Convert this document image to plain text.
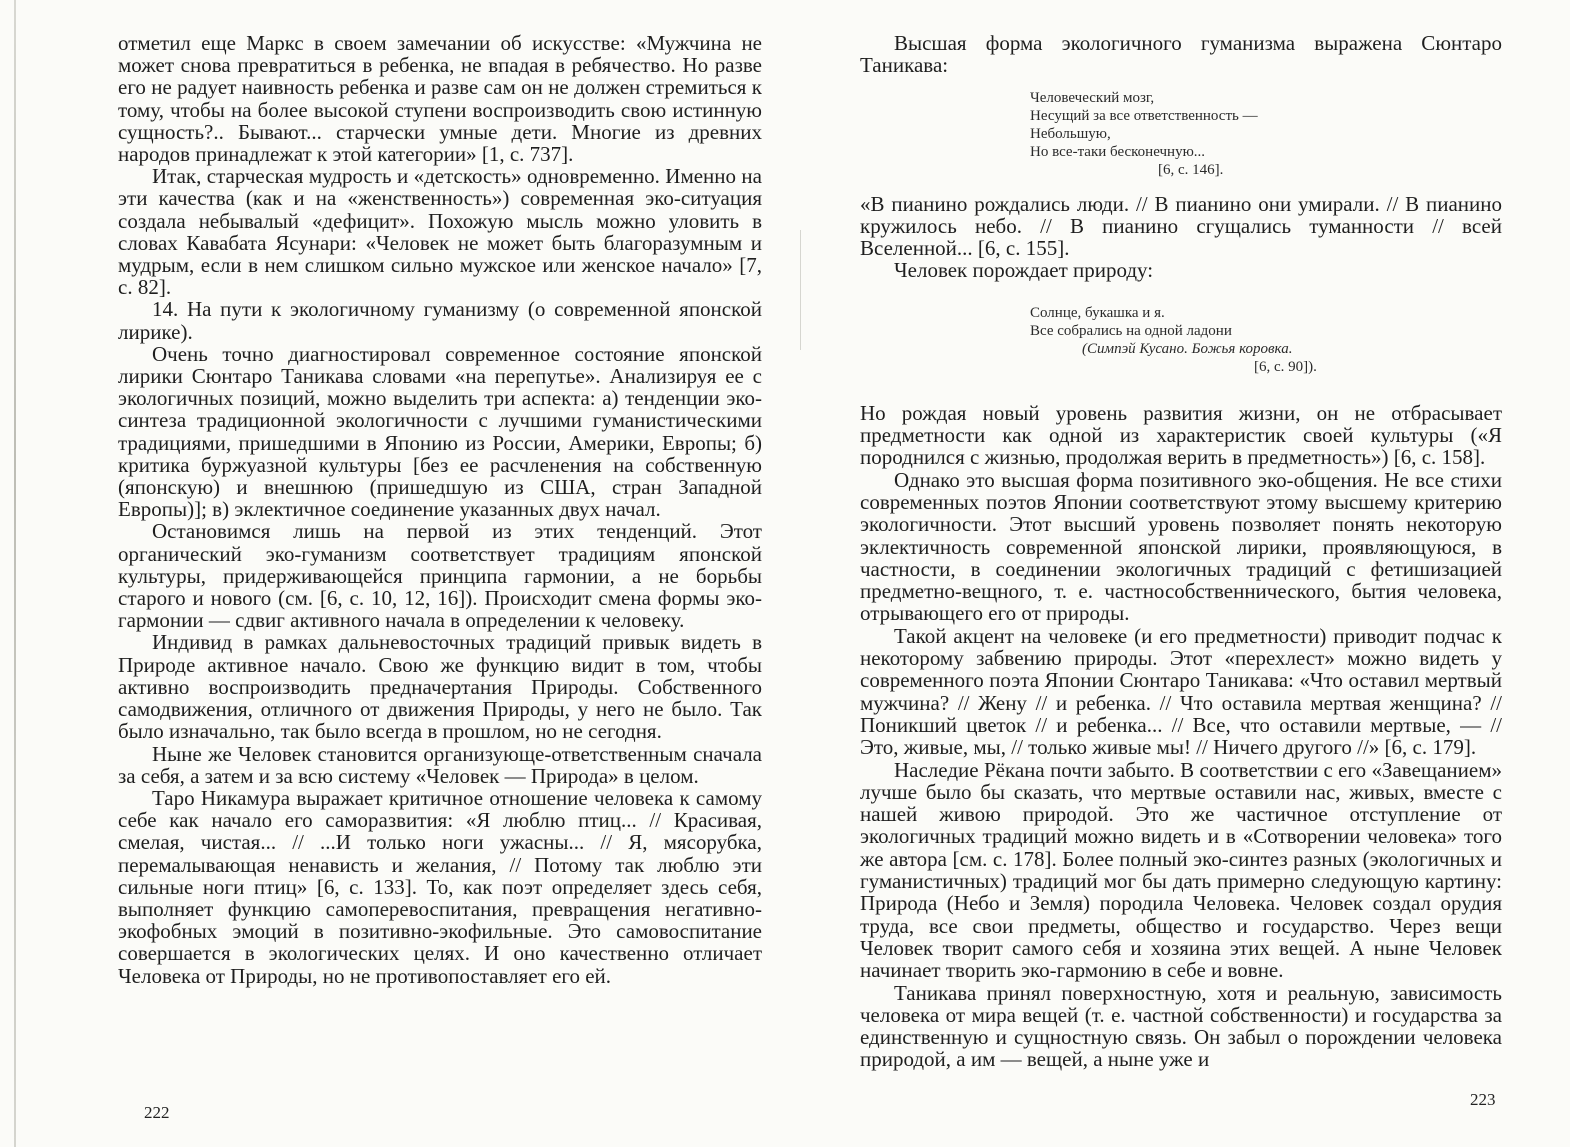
отметил еще Маркс в своем замечании об искусстве: «Мужчина не может снова превратиться в ребенка, не впадая в ребячество. Но разве его не радует наивность ребенка и разве сам он не должен стремиться к тому, чтобы на более высокой ступени воспроизводить свою истинную сущность?.. Бывают... старчески умные дети. Многие из древних народов принадлежат к этой категории» [1, с. 737].

Итак, старческая мудрость и «детскость» одновременно. Именно на эти качества (как и на «женственность») современная эко-ситуация создала небывалый «дефицит». Похожую мысль можно уловить в словах Кавабата Ясунари: «Человек не может быть благоразумным и мудрым, если в нем слишком сильно мужское или женское начало» [7, с. 82].

14. На пути к экологичному гуманизму (о современной японской лирике).

Очень точно диагностировал современное состояние японской лирики Сюнтаро Таникава словами «на перепутье». Анализируя ее с экологичных позиций, можно выделить три аспекта: а) тенденции эко-синтеза традиционной экологичности с лучшими гуманистическими традициями, пришедшими в Японию из России, Америки, Европы; б) критика буржуазной культуры [без ее расчленения на собственную (японскую) и внешнюю (пришедшую из США, стран Западной Европы)]; в) эклектичное соединение указанных двух начал.

Остановимся лишь на первой из этих тенденций. Этот органический эко-гуманизм соответствует традициям японской культуры, придерживающейся принципа гармонии, а не борьбы старого и нового (см. [6, с. 10, 12, 16]). Происходит смена формы эко-гармонии — сдвиг активного начала в определении к человеку.

Индивид в рамках дальневосточных традиций привык видеть в Природе активное начало. Свою же функцию видит в том, чтобы активно воспроизводить предначертания Природы. Собственного самодвижения, отличного от движения Природы, у него не было. Так было изначально, так было всегда в прошлом, но не сегодня.

Ныне же Человек становится организующе-ответственным сначала за себя, а затем и за всю систему «Человек — Природа» в целом.

Таро Никамура выражает критичное отношение человека к самому себе как начало его саморазвития: «Я люблю птиц... // Красивая, смелая, чистая... // ...И только ноги ужасны... // Я, мясорубка, перемалывающая ненависть и желания, // Потому так люблю эти сильные ноги птиц» [6, с. 133]. То, как поэт определяет здесь себя, выполняет функцию самоперевоспитания, превращения негативно-экофобных эмоций в позитивно-экофильные. Это самовоспитание совершается в экологических целях. И оно качественно отличает Человека от Природы, но не противопоставляет его ей.

222

Высшая форма экологичного гуманизма выражена Сюнтаро Таникава:

Человеческий мозг,
Несущий за все ответственность —
Небольшую,
Но все-таки бесконечную...
[6, с. 146].

«В пианино рождались люди. // В пианино они умирали. // В пианино кружилось небо. // В пианино сгущались туманности // всей Вселенной... [6, с. 155].

Человек порождает природу:

Солнце, букашка и я.
Все собрались на одной ладони
(Симпэй Кусано. Божья коровка.
[6, с. 90]).

Но рождая новый уровень развития жизни, он не отбрасывает предметности как одной из характеристик своей культуры («Я породнился с жизнью, продолжая верить в предметность») [6, с. 158].

Однако это высшая форма позитивного эко-общения. Не все стихи современных поэтов Японии соответствуют этому высшему критерию экологичности. Этот высший уровень позволяет понять некоторую эклектичность современной японской лирики, проявляющуюся, в частности, в соединении экологичных традиций с фетишизацией предметно-вещного, т. е. частнособственнического, бытия человека, отрывающего его от природы.

Такой акцент на человеке (и его предметности) приводит подчас к некоторому забвению природы. Этот «перехлест» можно видеть у современного поэта Японии Сюнтаро Таникава: «Что оставил мертвый мужчина? // Жену // и ребенка. // Что оставила мертвая женщина? // Поникший цветок // и ребенка... // Все, что оставили мертвые, — // Это, живые, мы, // только живые мы! // Ничего другого //» [6, с. 179].

Наследие Рёкана почти забыто. В соответствии с его «Завещанием» лучше было бы сказать, что мертвые оставили нас, живых, вместе с нашей живою природой. Это же частичное отступление от экологичных традиций можно видеть и в «Сотворении человека» того же автора [см. с. 178]. Более полный эко-синтез разных (экологичных и гуманистичных) традиций мог бы дать примерно следующую картину: Природа (Небо и Земля) породила Человека. Человек создал орудия труда, все свои предметы, общество и государство. Через вещи Человек творит самого себя и хозяина этих вещей. А ныне Человек начинает творить эко-гармонию в себе и вовне.

Таникава принял поверхностную, хотя и реальную, зависимость человека от мира вещей (т. е. частной собственности) и государства за единственную и сущностную связь. Он забыл о порождении человека природой, а им — вещей, а ныне уже и

223
